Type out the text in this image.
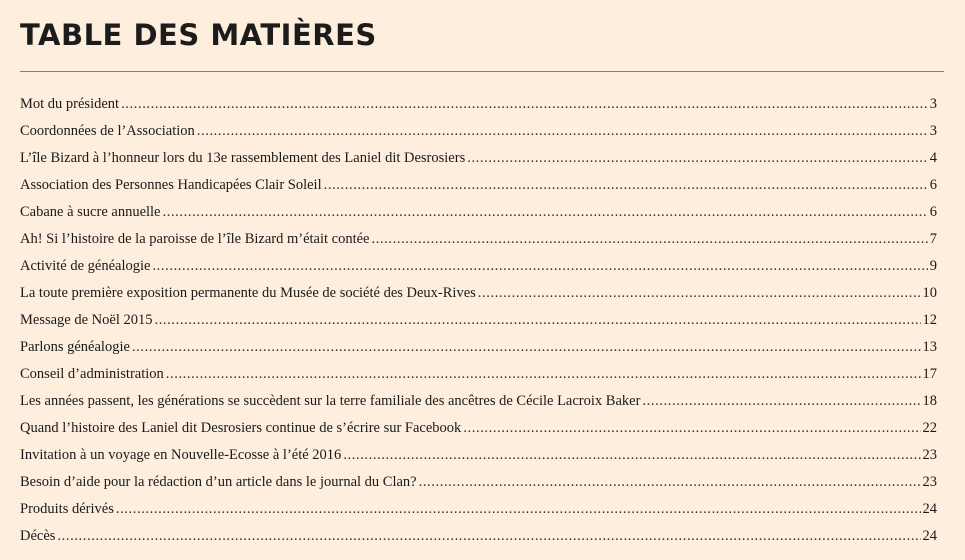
TABLE DES MATIÈRES
Mot du président .....	3
Coordonnées de l’Association .....	3
L’île Bizard à l’honneur lors du 13e rassemblement des Laniel dit Desrosiers .....	4
Association des Personnes Handicapées Clair Soleil .....	6
Cabane à sucre annuelle .....	6
Ah! Si l’histoire de la paroisse de l’île Bizard m’était contée .....	7
Activité de généalogie .....	9
La toute première exposition permanente du Musée de société des Deux-Rives .....	10
Message de Noël 2015 .....	12
Parlons généalogie .....	13
Conseil d’administration .....	17
Les années passent, les générations se succèdent sur la terre familiale des ancêtres de Cécile Lacroix Baker .....	18
Quand l’histoire des Laniel dit Desrosiers continue de s’écrire sur Facebook .....	22
Invitation à un voyage en Nouvelle-Ecosse à l’été 2016 .....	23
Besoin d’aide pour la rédaction d’un article dans le journal du Clan? .....	23
Produits dérivés .....	24
Décès .....	24
